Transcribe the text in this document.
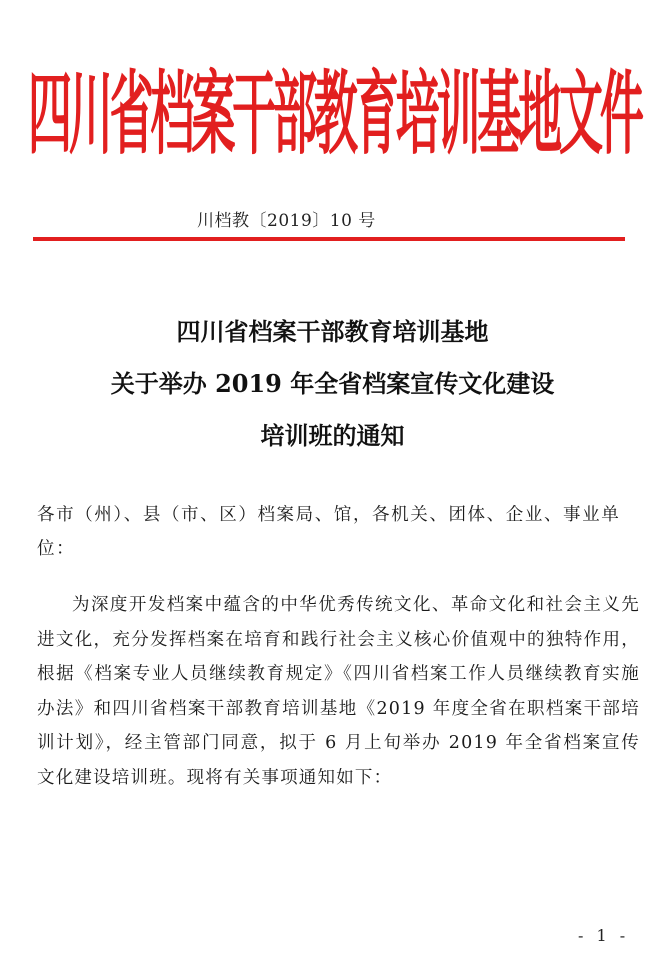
四
川
省
档
案
干
部
教
育
培
训
基
地
文
件
川档教〔2019〕10 号
四川省档案干部教育培训基地
关于举办 2019 年全省档案宣传文化建设
培训班的通知
各市（州）、县（市、区）档案局、馆，各机关、团体、企业、事业单位：

为深度开发档案中蕴含的中华优秀传统文化、革命文化和社会主义先进文化，充分发挥档案在培育和践行社会主义核心价值观中的独特作用，根据《档案专业人员继续教育规定》《四川省档案工作人员继续教育实施办法》和四川省档案干部教育培训基地《2019 年度全省在职档案干部培训计划》，经主管部门同意，拟于 6 月上旬举办 2019 年全省档案宣传文化建设培训班。现将有关事项通知如下：

- 1 -
